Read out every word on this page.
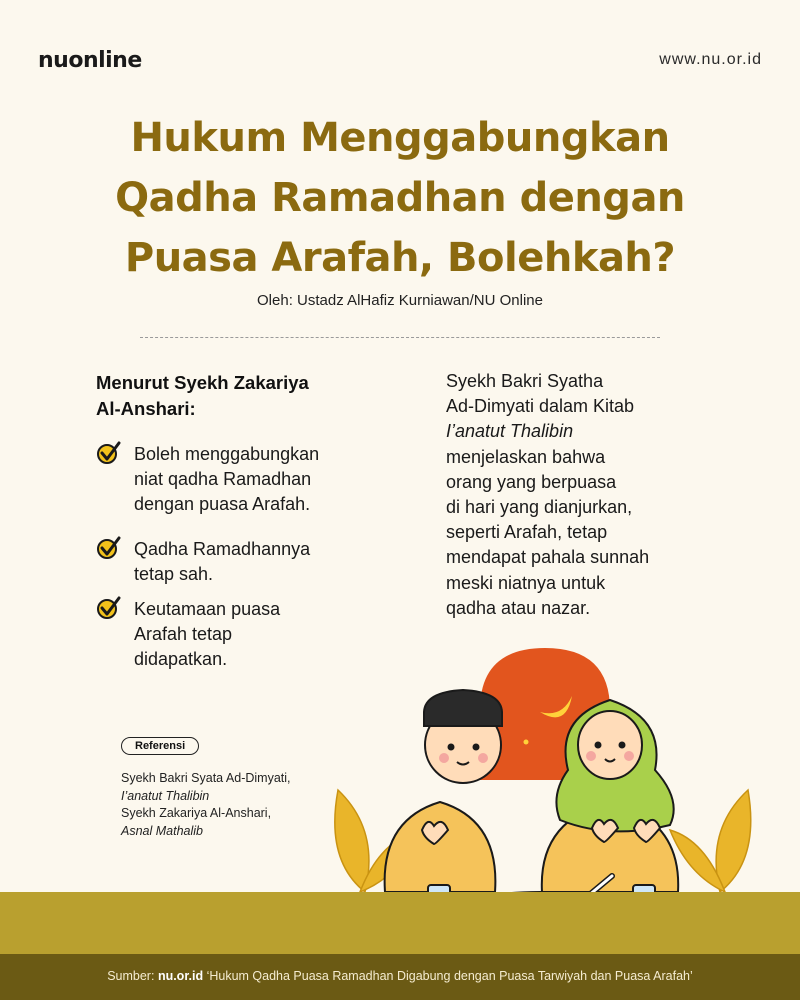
nuonline	www.nu.or.id
Hukum Menggabungkan
Qadha Ramadhan dengan
Puasa Arafah, Bolehkah?
Oleh: Ustadz AlHafiz Kurniawan/NU Online
Menurut Syekh Zakariya
Al-Anshari:
Boleh menggabungkan
niat qadha Ramadhan
dengan puasa Arafah.
Qadha Ramadhannya
tetap sah.
Keutamaan puasa
Arafah tetap
didapatkan.
Syekh Bakri Syatha
Ad-Dimyati dalam Kitab
I’anatut Thalibin
menjelaskan bahwa
orang yang berpuasa
di hari yang dianjurkan,
seperti Arafah, tetap
mendapat pahala sunnah
meski niatnya untuk
qadha atau nazar.
Referensi
Syekh Bakri Syata Ad-Dimyati,
I’anatut Thalibin
Syekh Zakariya Al-Anshari,
Asnal Mathalib
Sumber: nu.or.id ‘Hukum Qadha Puasa Ramadhan Digabung dengan Puasa Tarwiyah dan Puasa Arafah’
